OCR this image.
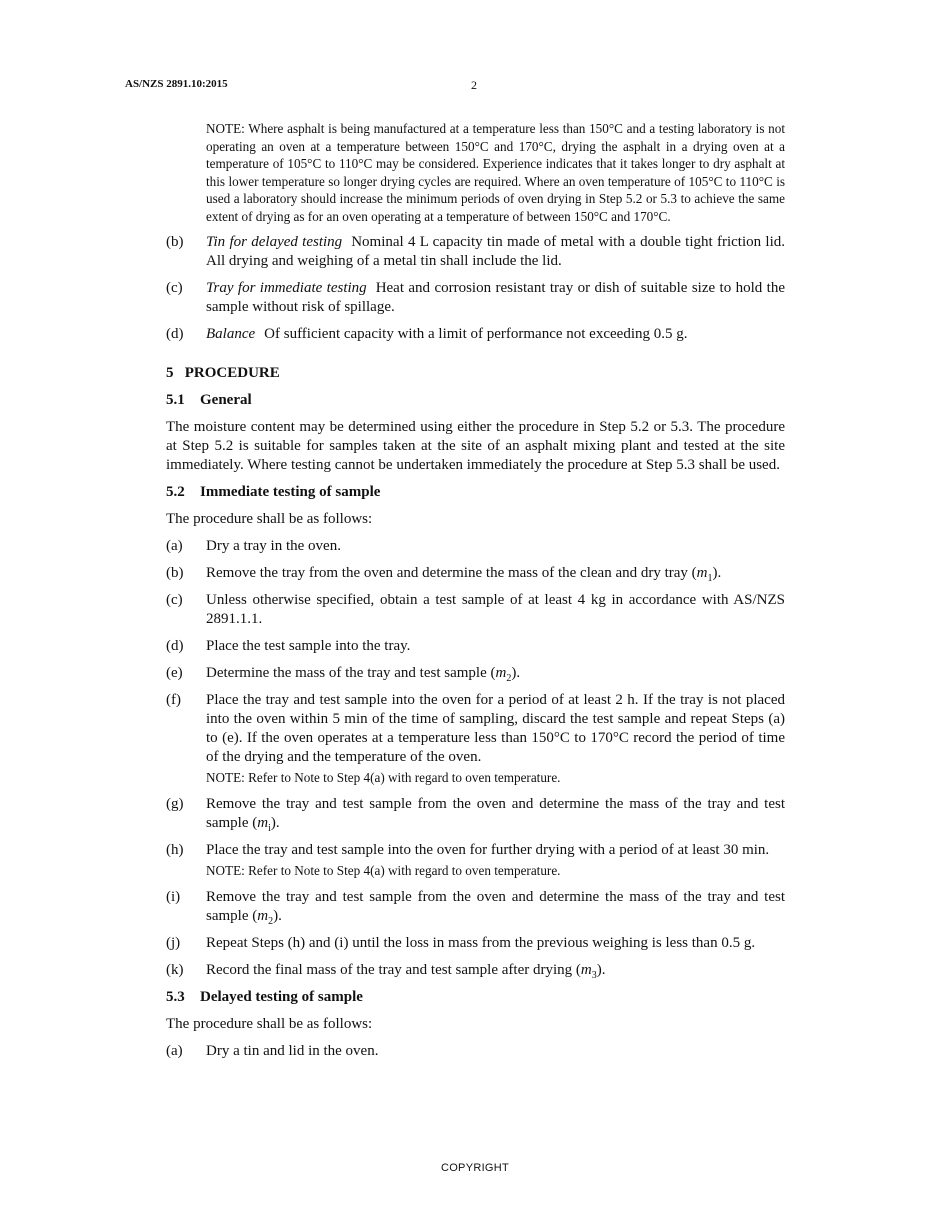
AS/NZS 2891.10:2015	2
NOTE: Where asphalt is being manufactured at a temperature less than 150°C and a testing laboratory is not operating an oven at a temperature between 150°C and 170°C, drying the asphalt in a drying oven at a temperature of 105°C to 110°C may be considered. Experience indicates that it takes longer to dry asphalt at this lower temperature so longer drying cycles are required. Where an oven temperature of 105°C to 110°C is used a laboratory should increase the minimum periods of oven drying in Step 5.2 or 5.3 to achieve the same extent of drying as for an oven operating at a temperature of between 150°C and 170°C.
(b)	Tin for delayed testing Nominal 4 L capacity tin made of metal with a double tight friction lid. All drying and weighing of a metal tin shall include the lid.
(c)	Tray for immediate testing Heat and corrosion resistant tray or dish of suitable size to hold the sample without risk of spillage.
(d)	Balance Of sufficient capacity with a limit of performance not exceeding 0.5 g.
5   PROCEDURE
5.1 General
The moisture content may be determined using either the procedure in Step 5.2 or 5.3. The procedure at Step 5.2 is suitable for samples taken at the site of an asphalt mixing plant and tested at the site immediately. Where testing cannot be undertaken immediately the procedure at Step 5.3 shall be used.
5.2 Immediate testing of sample
The procedure shall be as follows:
(a)	Dry a tray in the oven.
(b)	Remove the tray from the oven and determine the mass of the clean and dry tray $(m_1)$.
(c)	Unless otherwise specified, obtain a test sample of at least 4 kg in accordance with AS/NZS 2891.1.1.
(d)	Place the test sample into the tray.
(e)	Determine the mass of the tray and test sample $(m_2)$.
(f)	Place the tray and test sample into the oven for a period of at least 2 h. If the tray is not placed into the oven within 5 min of the time of sampling, discard the test sample and repeat Steps (a) to (e). If the oven operates at a temperature less than 150°C to 170°C record the period of time of the drying and the temperature of the oven.
NOTE: Refer to Note to Step 4(a) with regard to oven temperature.
(g)	Remove the tray and test sample from the oven and determine the mass of the tray and test sample $(m_i)$.
(h)	Place the tray and test sample into the oven for further drying with a period of at least 30 min.
NOTE: Refer to Note to Step 4(a) with regard to oven temperature.
(i)	Remove the tray and test sample from the oven and determine the mass of the tray and test sample $(m_2)$.
(j)	Repeat Steps (h) and (i) until the loss in mass from the previous weighing is less than 0.5 g.
(k)	Record the final mass of the tray and test sample after drying $(m_3)$.
5.3 Delayed testing of sample
The procedure shall be as follows:
(a)	Dry a tin and lid in the oven.
COPYRIGHT
